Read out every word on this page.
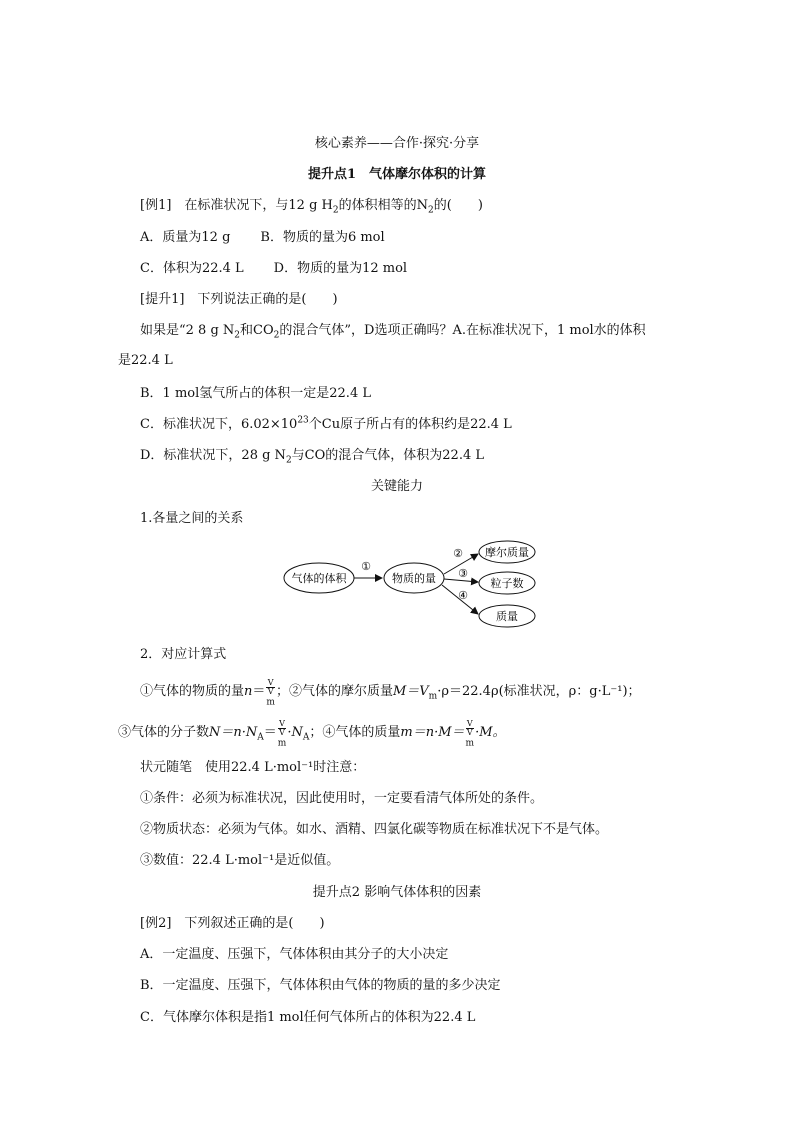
核心素养——合作·探究·分享
提升点1　气体摩尔体积的计算
[例1]　在标准状况下，与12 g $H_2$的体积相等的$N_2$的(　　)
A．质量为12 g B．物质的量为6 mol
C．体积为22.4 L D．物质的量为12 mol
[提升1]　下列说法正确的是(　　)
如果是“2 8 g $N_2$和$CO_2$的混合气体”，D选项正确吗？A.在标准状况下，1 mol水的体积
是22.4 L
B．1 mol氢气所占的体积一定是22.4 L
C．标准状况下，$6.02\times 10^{23}$个Cu原子所占有的体积约是22.4 L
D．标准状况下，28 g $N_2$与CO的混合气体，体积为22.4 L
关键能力
1.各量之间的关系
气体的体积
①
物质的量
②
③
④
摩尔质量
粒子数
质量
2．对应计算式
①气体的物质的量n＝ V
V
$_m$ ；②气体的摩尔质量$M=V_m\cdot\rho=22.4\rho$(标准状况，ρ：g·L⁻¹)；
③气体的分子数$N=n\cdot N_A= V$
V
$_m \cdot N_A$；④气体的质量m＝n·M＝ V
V
$_m$ ·M。
状元随笔　使用22.4 L·mol⁻¹时注意：
①条件：必须为标准状况，因此使用时，一定要看清气体所处的条件。
②物质状态：必须为气体。如水、酒精、四氯化碳等物质在标准状况下不是气体。
③数值：22.4 L·mol⁻¹是近似值。
提升点2 影响气体体积的因素
[例2]　下列叙述正确的是(　　)
A．一定温度、压强下，气体体积由其分子的大小决定
B．一定温度、压强下，气体体积由气体的物质的量的多少决定
C．气体摩尔体积是指1 mol任何气体所占的体积为22.4 L
